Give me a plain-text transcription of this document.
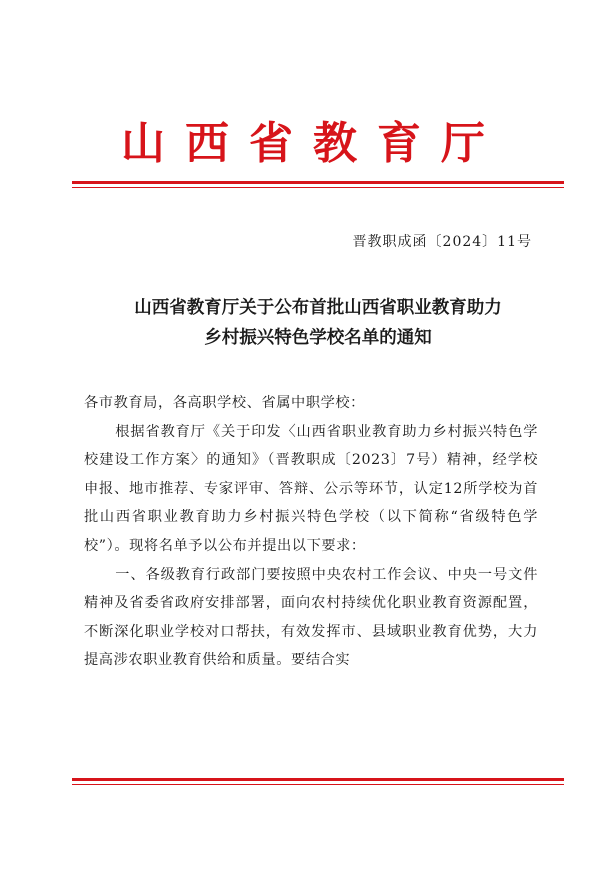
山西省教育厅
晋教职成函〔2024〕11号
山西省教育厅关于公布首批山西省职业教育助力
乡村振兴特色学校名单的通知

各市教育局，各高职学校、省属中职学校：

根据省教育厅《关于印发〈山西省职业教育助力乡村振兴特色学校建设工作方案〉的通知》（晋教职成〔2023〕7号）精神，经学校申报、地市推荐、专家评审、答辩、公示等环节，认定12所学校为首批山西省职业教育助力乡村振兴特色学校（以下简称“省级特色学校”）。现将名单予以公布并提出以下要求：

一、各级教育行政部门要按照中央农村工作会议、中央一号文件精神及省委省政府安排部署，面向农村持续优化职业教育资源配置，不断深化职业学校对口帮扶，有效发挥市、县域职业教育优势，大力提高涉农职业教育供给和质量。要结合实
